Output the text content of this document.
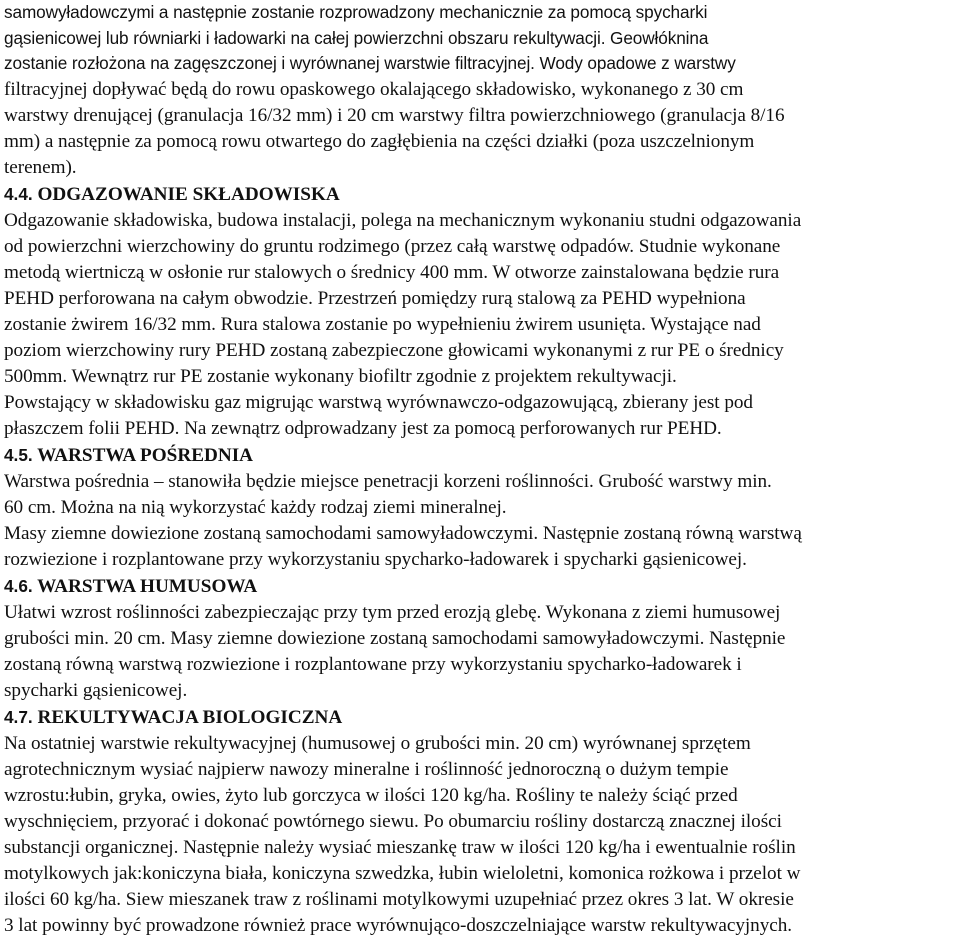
samowyładowczymi a następnie zostanie rozprowadzony mechanicznie za pomocą spycharki
gąsienicowej lub równiarki i ładowarki na całej powierzchni obszaru rekultywacji. Geowłóknina
zostanie rozłożona na zagęszczonej i wyrównanej warstwie filtracyjnej. Wody opadowe z warstwy
filtracyjnej dopływać będą do rowu opaskowego okalającego składowisko, wykonanego z 30 cm
warstwy drenującej (granulacja 16/32 mm) i 20 cm warstwy filtra powierzchniowego (granulacja 8/16
mm) a następnie za pomocą rowu otwartego do zagłębienia na części działki (poza uszczelnionym
terenem).
4.4. ODGAZOWANIE SKŁADOWISKA
Odgazowanie składowiska, budowa instalacji, polega na mechanicznym wykonaniu studni odgazowania
od powierzchni wierzchowiny do gruntu rodzimego (przez całą warstwę odpadów. Studnie wykonane
metodą wiertniczą w osłonie rur stalowych o średnicy 400 mm. W otworze zainstalowana będzie rura
PEHD perforowana na całym obwodzie. Przestrzeń pomiędzy rurą stalową za PEHD wypełniona
zostanie żwirem 16/32 mm. Rura stalowa zostanie po wypełnieniu żwirem usunięta. Wystające nad
poziom wierzchowiny rury PEHD zostaną zabezpieczone głowicami wykonanymi z rur PE o średnicy
500mm. Wewnątrz rur PE zostanie wykonany biofiltr zgodnie z projektem rekultywacji.
Powstający w składowisku gaz migrując warstwą wyrównawczo-odgazowującą, zbierany jest pod
płaszczem folii PEHD. Na zewnątrz odprowadzany jest za pomocą perforowanych rur PEHD.
4.5. WARSTWA POŚREDNIA
Warstwa pośrednia – stanowiła będzie miejsce penetracji korzeni roślinności. Grubość warstwy min.
60 cm. Można na nią wykorzystać każdy rodzaj ziemi mineralnej.
Masy ziemne dowiezione zostaną samochodami samowyładowczymi. Następnie zostaną równą warstwą
rozwiezione i rozplantowane przy wykorzystaniu spycharko-ładowarek i spycharki gąsienicowej.
4.6. WARSTWA HUMUSOWA
Ułatwi wzrost roślinności zabezpieczając przy tym przed erozją glebę. Wykonana z ziemi humusowej
grubości min. 20 cm. Masy ziemne dowiezione zostaną samochodami samowyładowczymi. Następnie
zostaną równą warstwą rozwiezione i rozplantowane przy wykorzystaniu spycharko-ładowarek i
spycharki gąsienicowej.
4.7. REKULTYWACJA BIOLOGICZNA
Na ostatniej warstwie rekultywacyjnej (humusowej o grubości min. 20 cm) wyrównanej sprzętem
agrotechnicznym wysiać najpierw nawozy mineralne i roślinność jednoroczną o dużym tempie
wzrostu:łubin, gryka, owies, żyto lub gorczyca w ilości 120 kg/ha. Rośliny te należy ściąć przed
wyschnięciem, przyorać i dokonać powtórnego siewu. Po obumarciu rośliny dostarczą znacznej ilości
substancji organicznej. Następnie należy wysiać mieszankę traw w ilości 120 kg/ha i ewentualnie roślin
motylkowych jak:koniczyna biała, koniczyna szwedzka, łubin wieloletni, komonica rożkowa i przelot w
ilości 60 kg/ha. Siew mieszanek traw z roślinami motylkowymi uzupełniać przez okres 3 lat. W okresie
3 lat powinny być prowadzone również prace wyrównująco-doszczelniające warstw rekultywacyjnych.
